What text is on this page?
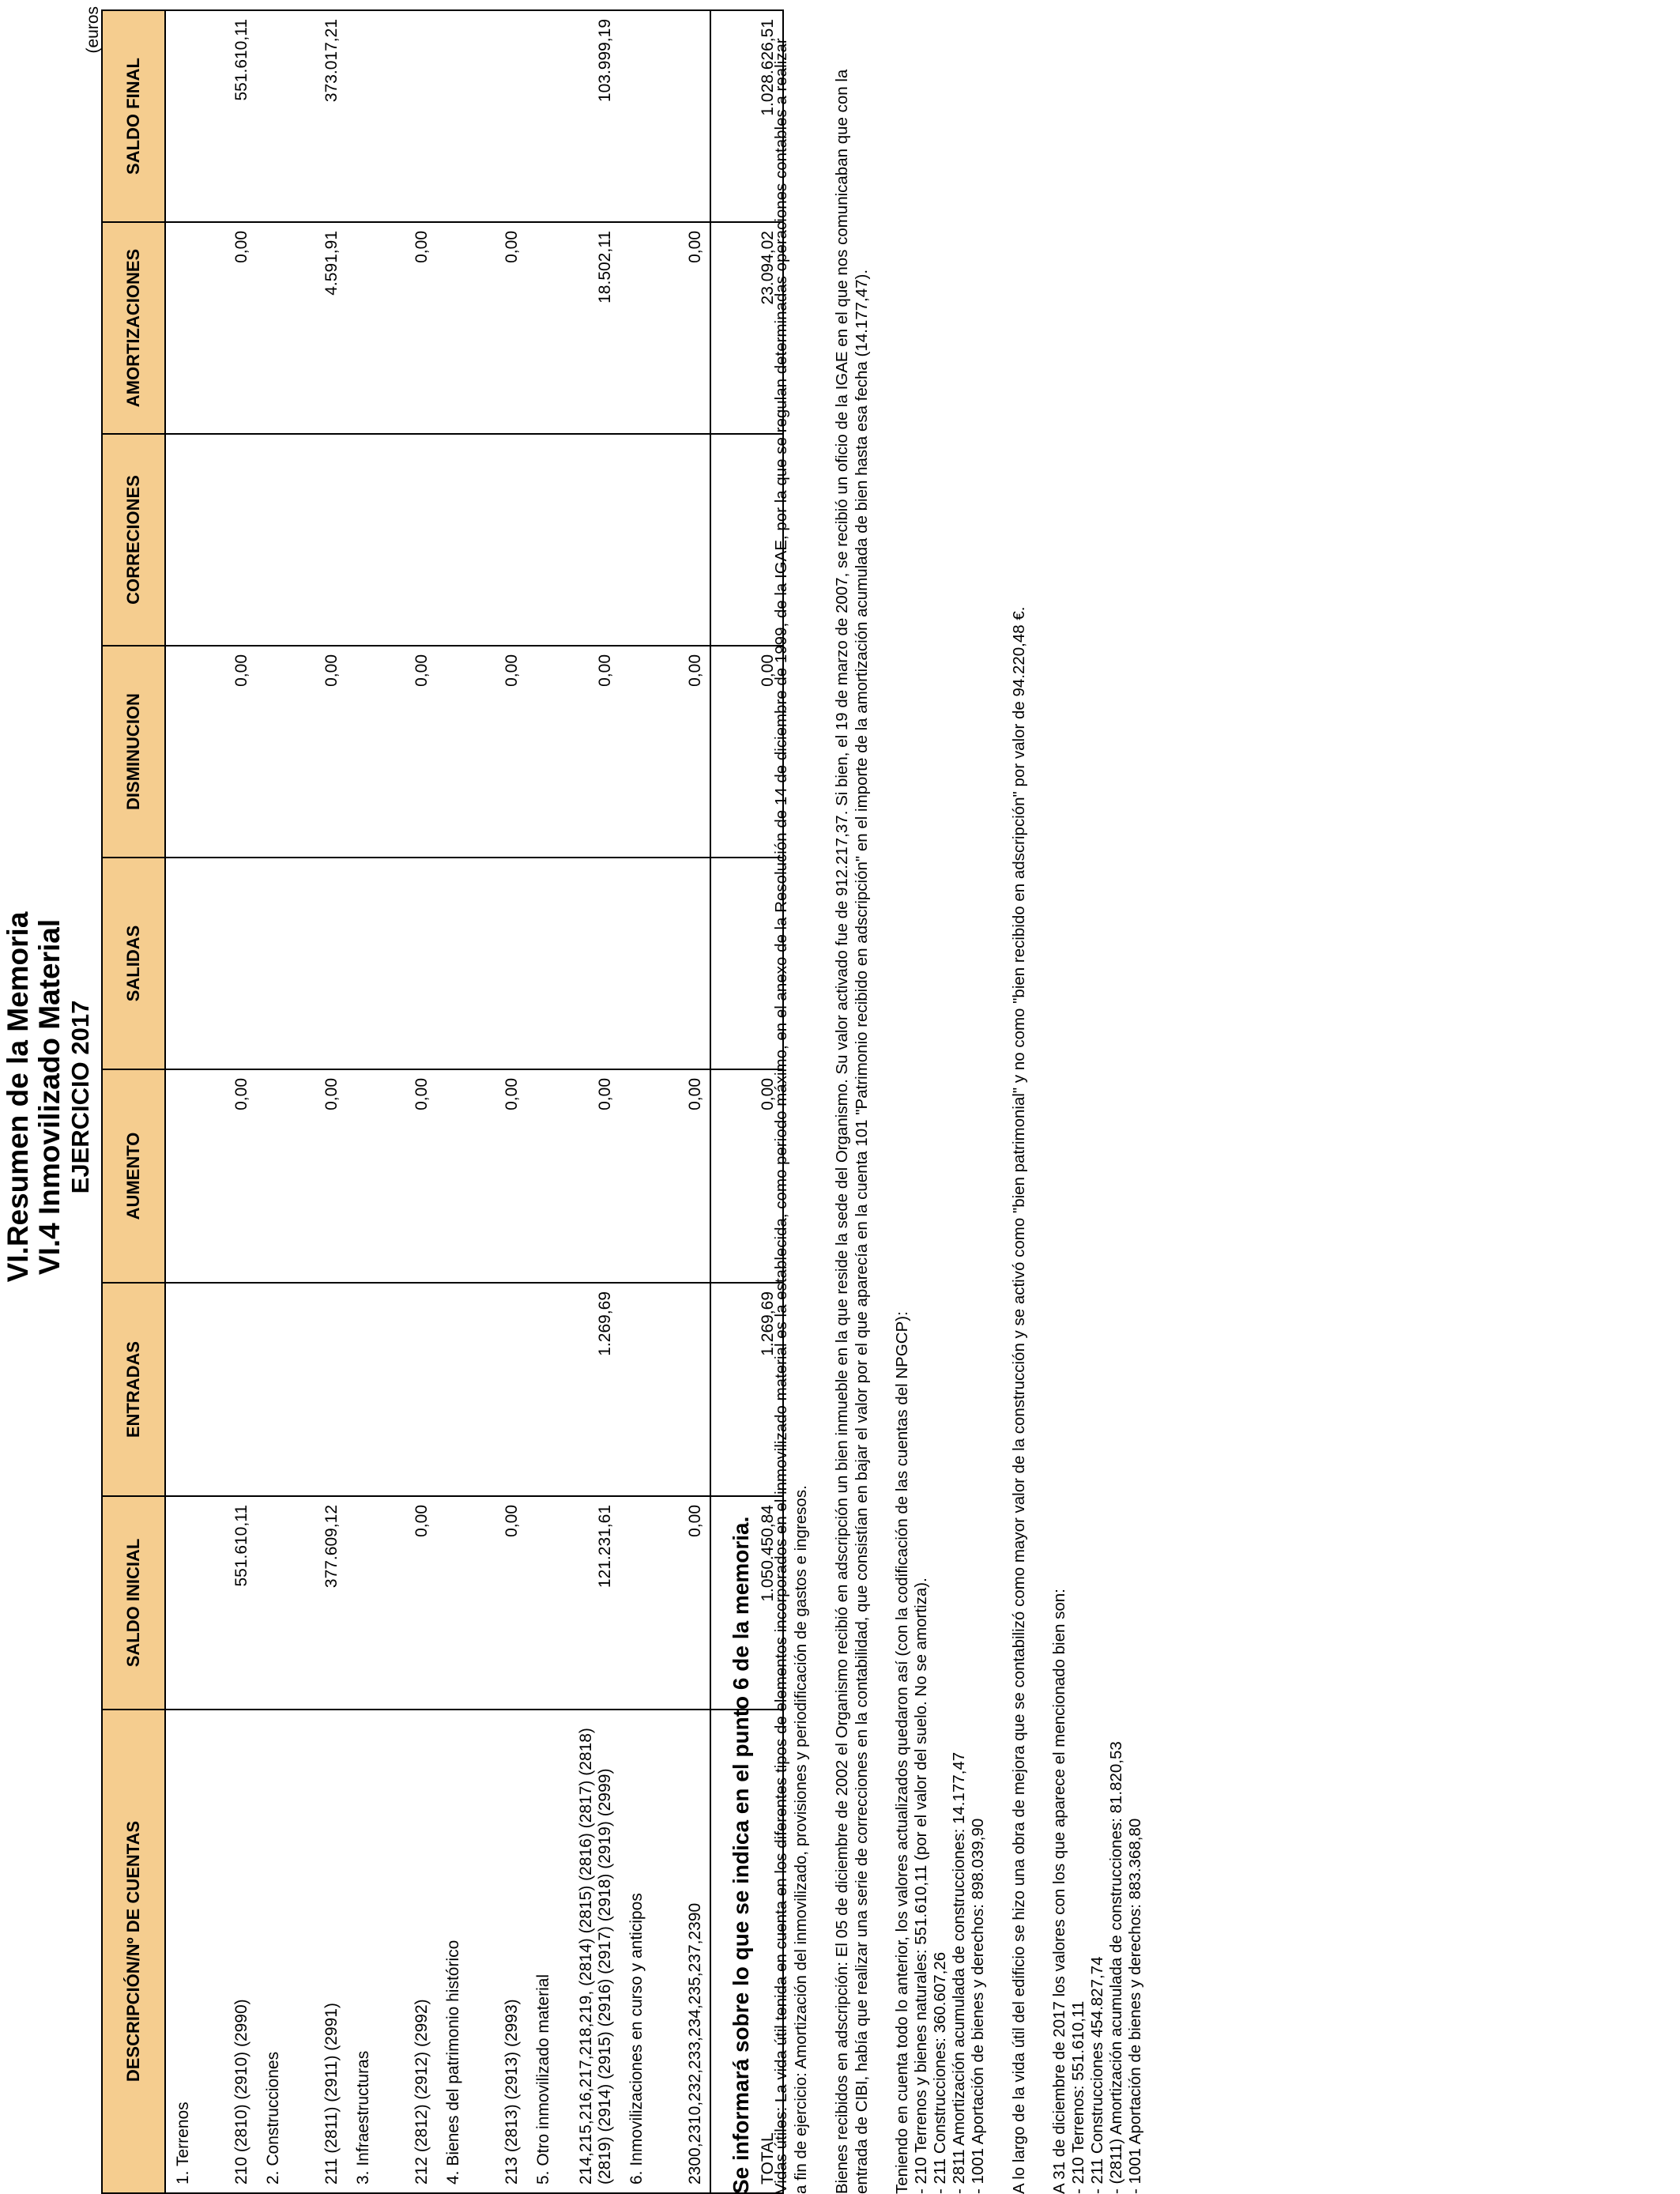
VI.Resumen de la Memoria VI.4 Inmovilizado Material EJERCICIO 2017
(euros
DESCRIPCIÓN/Nº DE CUENTAS	SALDO INICIAL	ENTRADAS	AUMENTO	SALIDAS	DISMINUCION	CORRECIONES	AMORTIZACIONES	SALDO FINAL
1. Terrenos								
210 (2810) (2910) (2990)	551.610,11		0,00		0,00		0,00	551.610,11
2. Construcciones								
211 (2811) (2911) (2991)	377.609,12		0,00		0,00		4.591,91	373.017,21
3. Infraestructuras								
212 (2812) (2912) (2992)	0,00		0,00		0,00		0,00	
4. Bienes del patrimonio histórico								
213 (2813) (2913) (2993)	0,00		0,00		0,00		0,00	
5. Otro inmovilizado material								
214,215,216,217,218,219, (2814) (2815) (2816) (2817) (2818) (2819) (2914) (2915) (2916) (2917) (2918) (2919) (2999)	121.231,61	1.269,69	0,00		0,00		18.502,11	103.999,19
6. Inmovilizaciones en curso y anticipos								
2300,2310,232,233,234,235,237,2390	0,00		0,00		0,00		0,00	
TOTAL	1.050.450,84	1.269,69	0,00		0,00		23.094,02	1.028.626,51
Se informará sobre lo que se indica en el punto 6 de la memoria. Vidas útiles: La vida útil tenida en cuenta en los diferentes tipos de elementos incorporados en el inmovilizado material es la establecida, como periodo máximo, en el anexo de la Resolución de 14 de diciembre de 1999, de la IGAE, por la que se regulan determinadas operaciones contables a realizar a fin de ejercicio: Amortización del inmovilizado, provisiones y periodificación de gastos e ingresos. Bienes recibidos en adscripción: El 05 de diciembre de 2002 el Organismo recibió en adscripción un bien inmueble en la que reside la sede del Organismo. Su valor activado fue de 912.217,37. Si bien, el 19 de marzo de 2007, se recibió un oficio de la IGAE en el que nos comunicaban que con la entrada de CIBI, había que realizar una serie de correcciones en la contabilidad, que consistían en bajar el valor por el que aparecía en la cuenta 101 "Patrimonio recibido en adscripción" en el importe de la amortización acumulada de bien hasta esa fecha (14.177,47). Teniendo en cuenta todo lo anterior, los valores actualizados quedaron así (con la codificación de las cuentas del NPGCP): - 210 Terrenos y bienes naturales: 551.610,11 (por el valor del suelo. No se amortiza). - 211 Construcciones: 360.607,26 - 2811 Amortización acumulada de construcciones: 14.177,47 - 1001 Aportación de bienes y derechos: 898.039,90 A lo largo de la vida útil del edificio se hizo una obra de mejora que se contabilizó como mayor valor de la construcción y se activó como "bien patrimonial" y no como "bien recibido en adscripción" por valor de 94.220,48 €. A 31 de diciembre de 2017 los valores con los que aparece el mencionado bien son: - 210 Terrenos: 551.610,11 - 211 Construcciones 454.827,74 - (2811) Amortización acumulada de construcciones: 81.820,53 - 1001 Aportación de bienes y derechos: 883.368,80
